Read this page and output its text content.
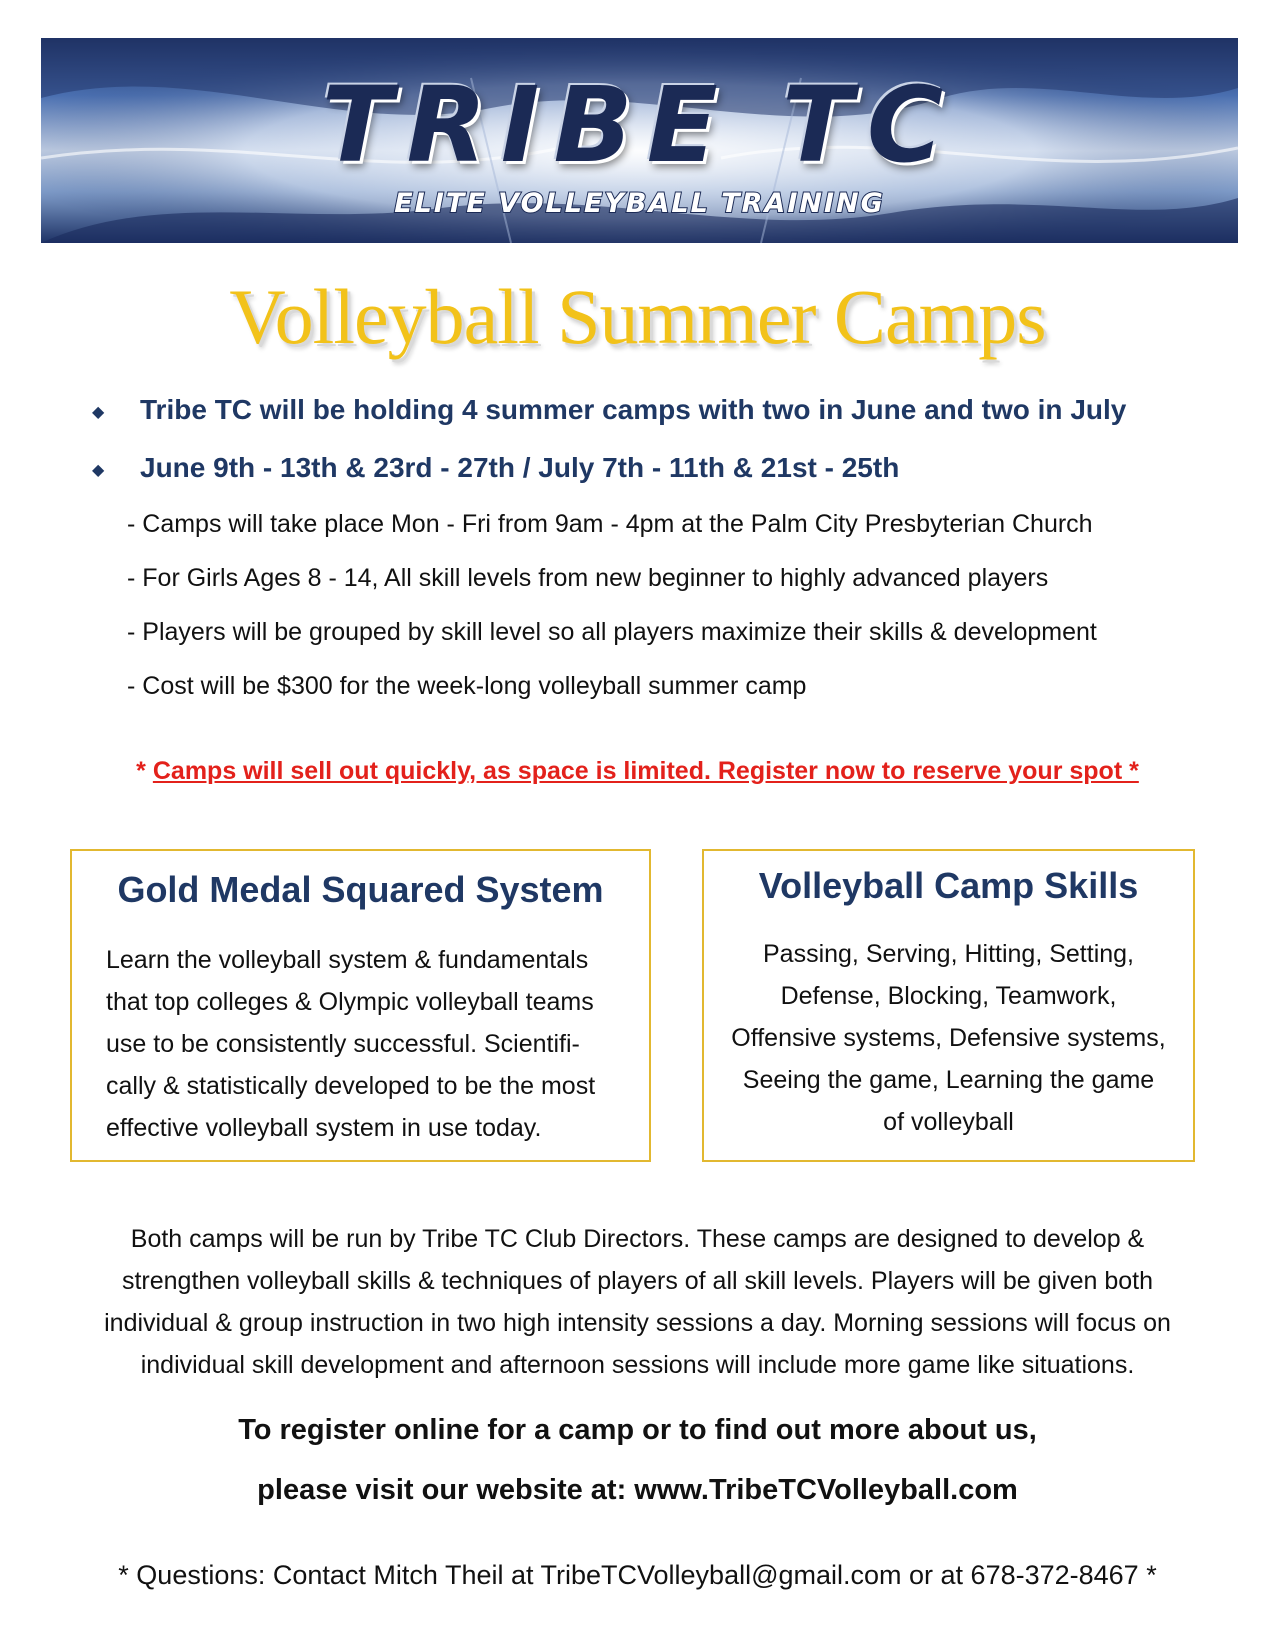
TRIBE TC
ELITE VOLLEYBALL TRAINING
Volleyball Summer Camps
◆ Tribe TC will be holding 4 summer camps with two in June and two in July
◆ June 9th - 13th & 23rd - 27th / July 7th - 11th & 21st - 25th
- Camps will take place Mon - Fri from 9am - 4pm at the Palm City Presbyterian Church
- For Girls Ages 8 - 14, All skill levels from new beginner to highly advanced players
- Players will be grouped by skill level so all players maximize their skills & development
- Cost will be $300 for the week-long volleyball summer camp
* Camps will sell out quickly, as space is limited. Register now to reserve your spot *
Gold Medal Squared System
Learn the volleyball system & fundamentals
that top colleges & Olympic volleyball teams
use to be consistently successful. Scientifi-
cally & statistically developed to be the most
effective volleyball system in use today.
Volleyball Camp Skills
Passing, Serving, Hitting, Setting,
Defense, Blocking, Teamwork,
Offensive systems, Defensive systems,
Seeing the game, Learning the game
of volleyball
Both camps will be run by Tribe TC Club Directors. These camps are designed to develop &
strengthen volleyball skills & techniques of players of all skill levels. Players will be given both
individual & group instruction in two high intensity sessions a day. Morning sessions will focus on
individual skill development and afternoon sessions will include more game like situations.
To register online for a camp or to find out more about us,
please visit our website at: www.TribeTCVolleyball.com
* Questions: Contact Mitch Theil at TribeTCVolleyball@gmail.com or at 678-372-8467 *
